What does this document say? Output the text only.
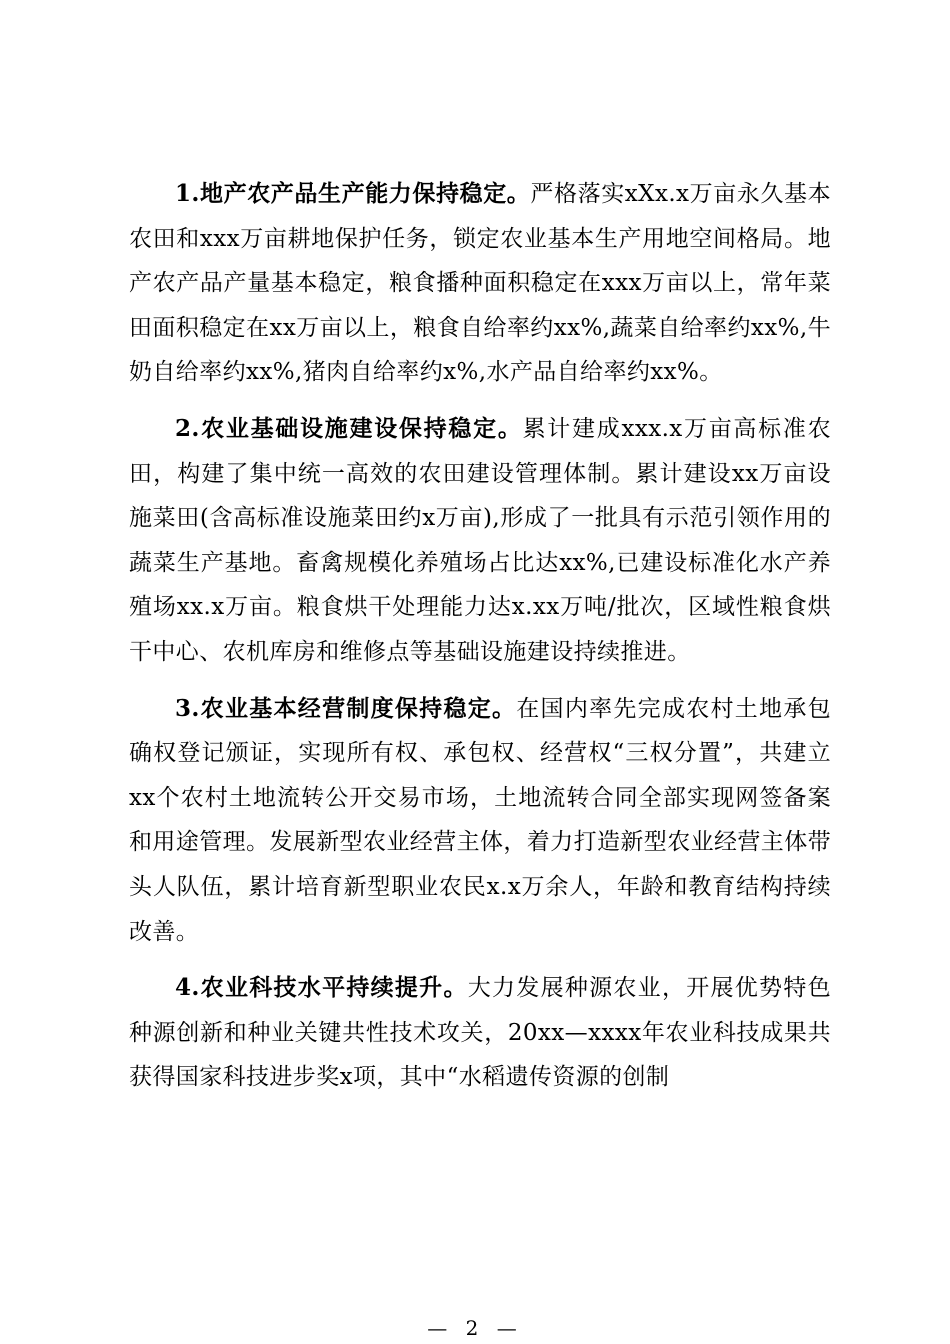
1.地产农产品生产能力保持稳定。严格落实xXx.x万亩永久基本农田和xxx万亩耕地保护任务，锁定农业基本生产用地空间格局。地产农产品产量基本稳定，粮食播种面积稳定在xxx万亩以上，常年菜田面积稳定在xx万亩以上，粮食自给率约xx%,蔬菜自给率约xx%,牛奶自给率约xx%,猪肉自给率约x%,水产品自给率约xx%。

2.农业基础设施建设保持稳定。累计建成xxx.x万亩高标准农田，构建了集中统一高效的农田建设管理体制。累计建设xx万亩设施菜田(含高标准设施菜田约x万亩),形成了一批具有示范引领作用的蔬菜生产基地。畜禽规模化养殖场占比达xx%,已建设标准化水产养殖场xx.x万亩。粮食烘干处理能力达x.xx万吨/批次，区域性粮食烘干中心、农机库房和维修点等基础设施建设持续推进。

3.农业基本经营制度保持稳定。在国内率先完成农村土地承包确权登记颁证，实现所有权、承包权、经营权“三权分置”，共建立xx个农村土地流转公开交易市场，土地流转合同全部实现网签备案和用途管理。发展新型农业经营主体，着力打造新型农业经营主体带头人队伍，累计培育新型职业农民x.x万余人，年龄和教育结构持续改善。

4.农业科技水平持续提升。大力发展种源农业，开展优势特色种源创新和种业关键共性技术攻关，20xx—xxxx年农业科技成果共获得国家科技进步奖x项，其中“水稻遗传资源的创制

— 2 —
